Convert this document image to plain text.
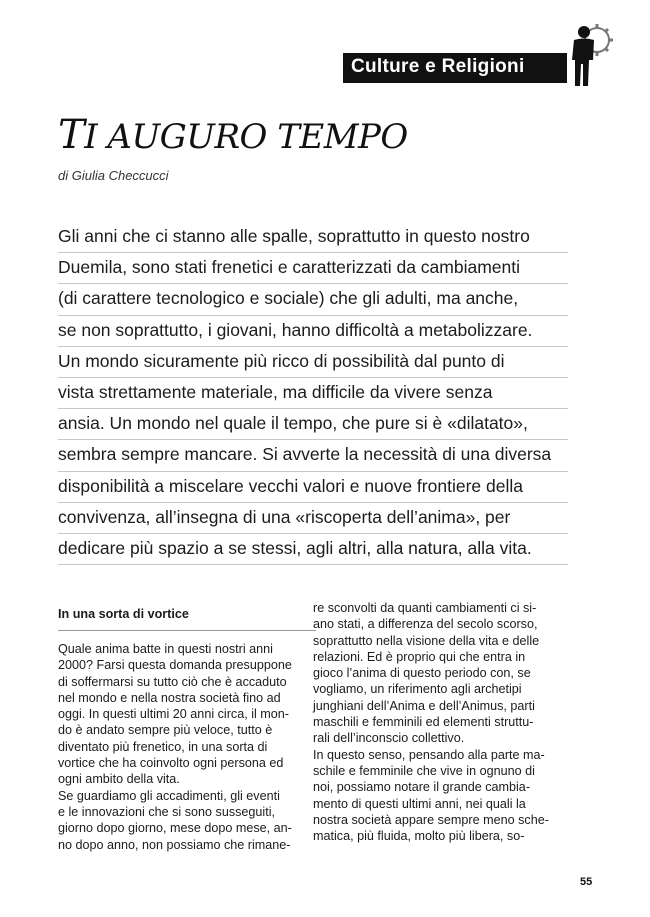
Culture e Religioni
TI AUGURO TEMPO
di Giulia Checcucci
Gli anni che ci stanno alle spalle, soprattutto in questo nostro
Duemila, sono stati frenetici e caratterizzati da cambiamenti
(di carattere tecnologico e sociale) che gli adulti, ma anche,
se non soprattutto, i giovani, hanno difficoltà a metabolizzare.
Un mondo sicuramente più ricco di possibilità dal punto di
vista strettamente materiale, ma difficile da vivere senza
ansia. Un mondo nel quale il tempo, che pure si è «dilatato»,
sembra sempre mancare. Si avverte la necessità di una diversa
disponibilità a miscelare vecchi valori e nuove frontiere della
convivenza, all’insegna di una «riscoperta dell’anima», per
dedicare più spazio a se stessi, agli altri, alla natura, alla vita.
In una sorta di vortice
Quale anima batte in questi nostri anni
2000? Farsi questa domanda presuppone
di soffermarsi su tutto ciò che è accaduto
nel mondo e nella nostra società fino ad
oggi. In questi ultimi 20 anni circa, il mon-
do è andato sempre più veloce, tutto è
diventato più frenetico, in una sorta di
vortice che ha coinvolto ogni persona ed
ogni ambito della vita.
Se guardiamo gli accadimenti, gli eventi
e le innovazioni che si sono susseguiti,
giorno dopo giorno, mese dopo mese, an-
no dopo anno, non possiamo che rimane-
re sconvolti da quanti cambiamenti ci si-
ano stati, a differenza del secolo scorso,
soprattutto nella visione della vita e delle
relazioni. Ed è proprio qui che entra in
gioco l’anima di questo periodo con, se
vogliamo, un riferimento agli archetipi
junghiani dell’Anima e dell’Animus, parti
maschili e femminili ed elementi struttu-
rali dell’inconscio collettivo.
In questo senso, pensando alla parte ma-
schile e femminile che vive in ognuno di
noi, possiamo notare il grande cambia-
mento di questi ultimi anni, nei quali la
nostra società appare sempre meno sche-
matica, più fluida, molto più libera, so-
55
